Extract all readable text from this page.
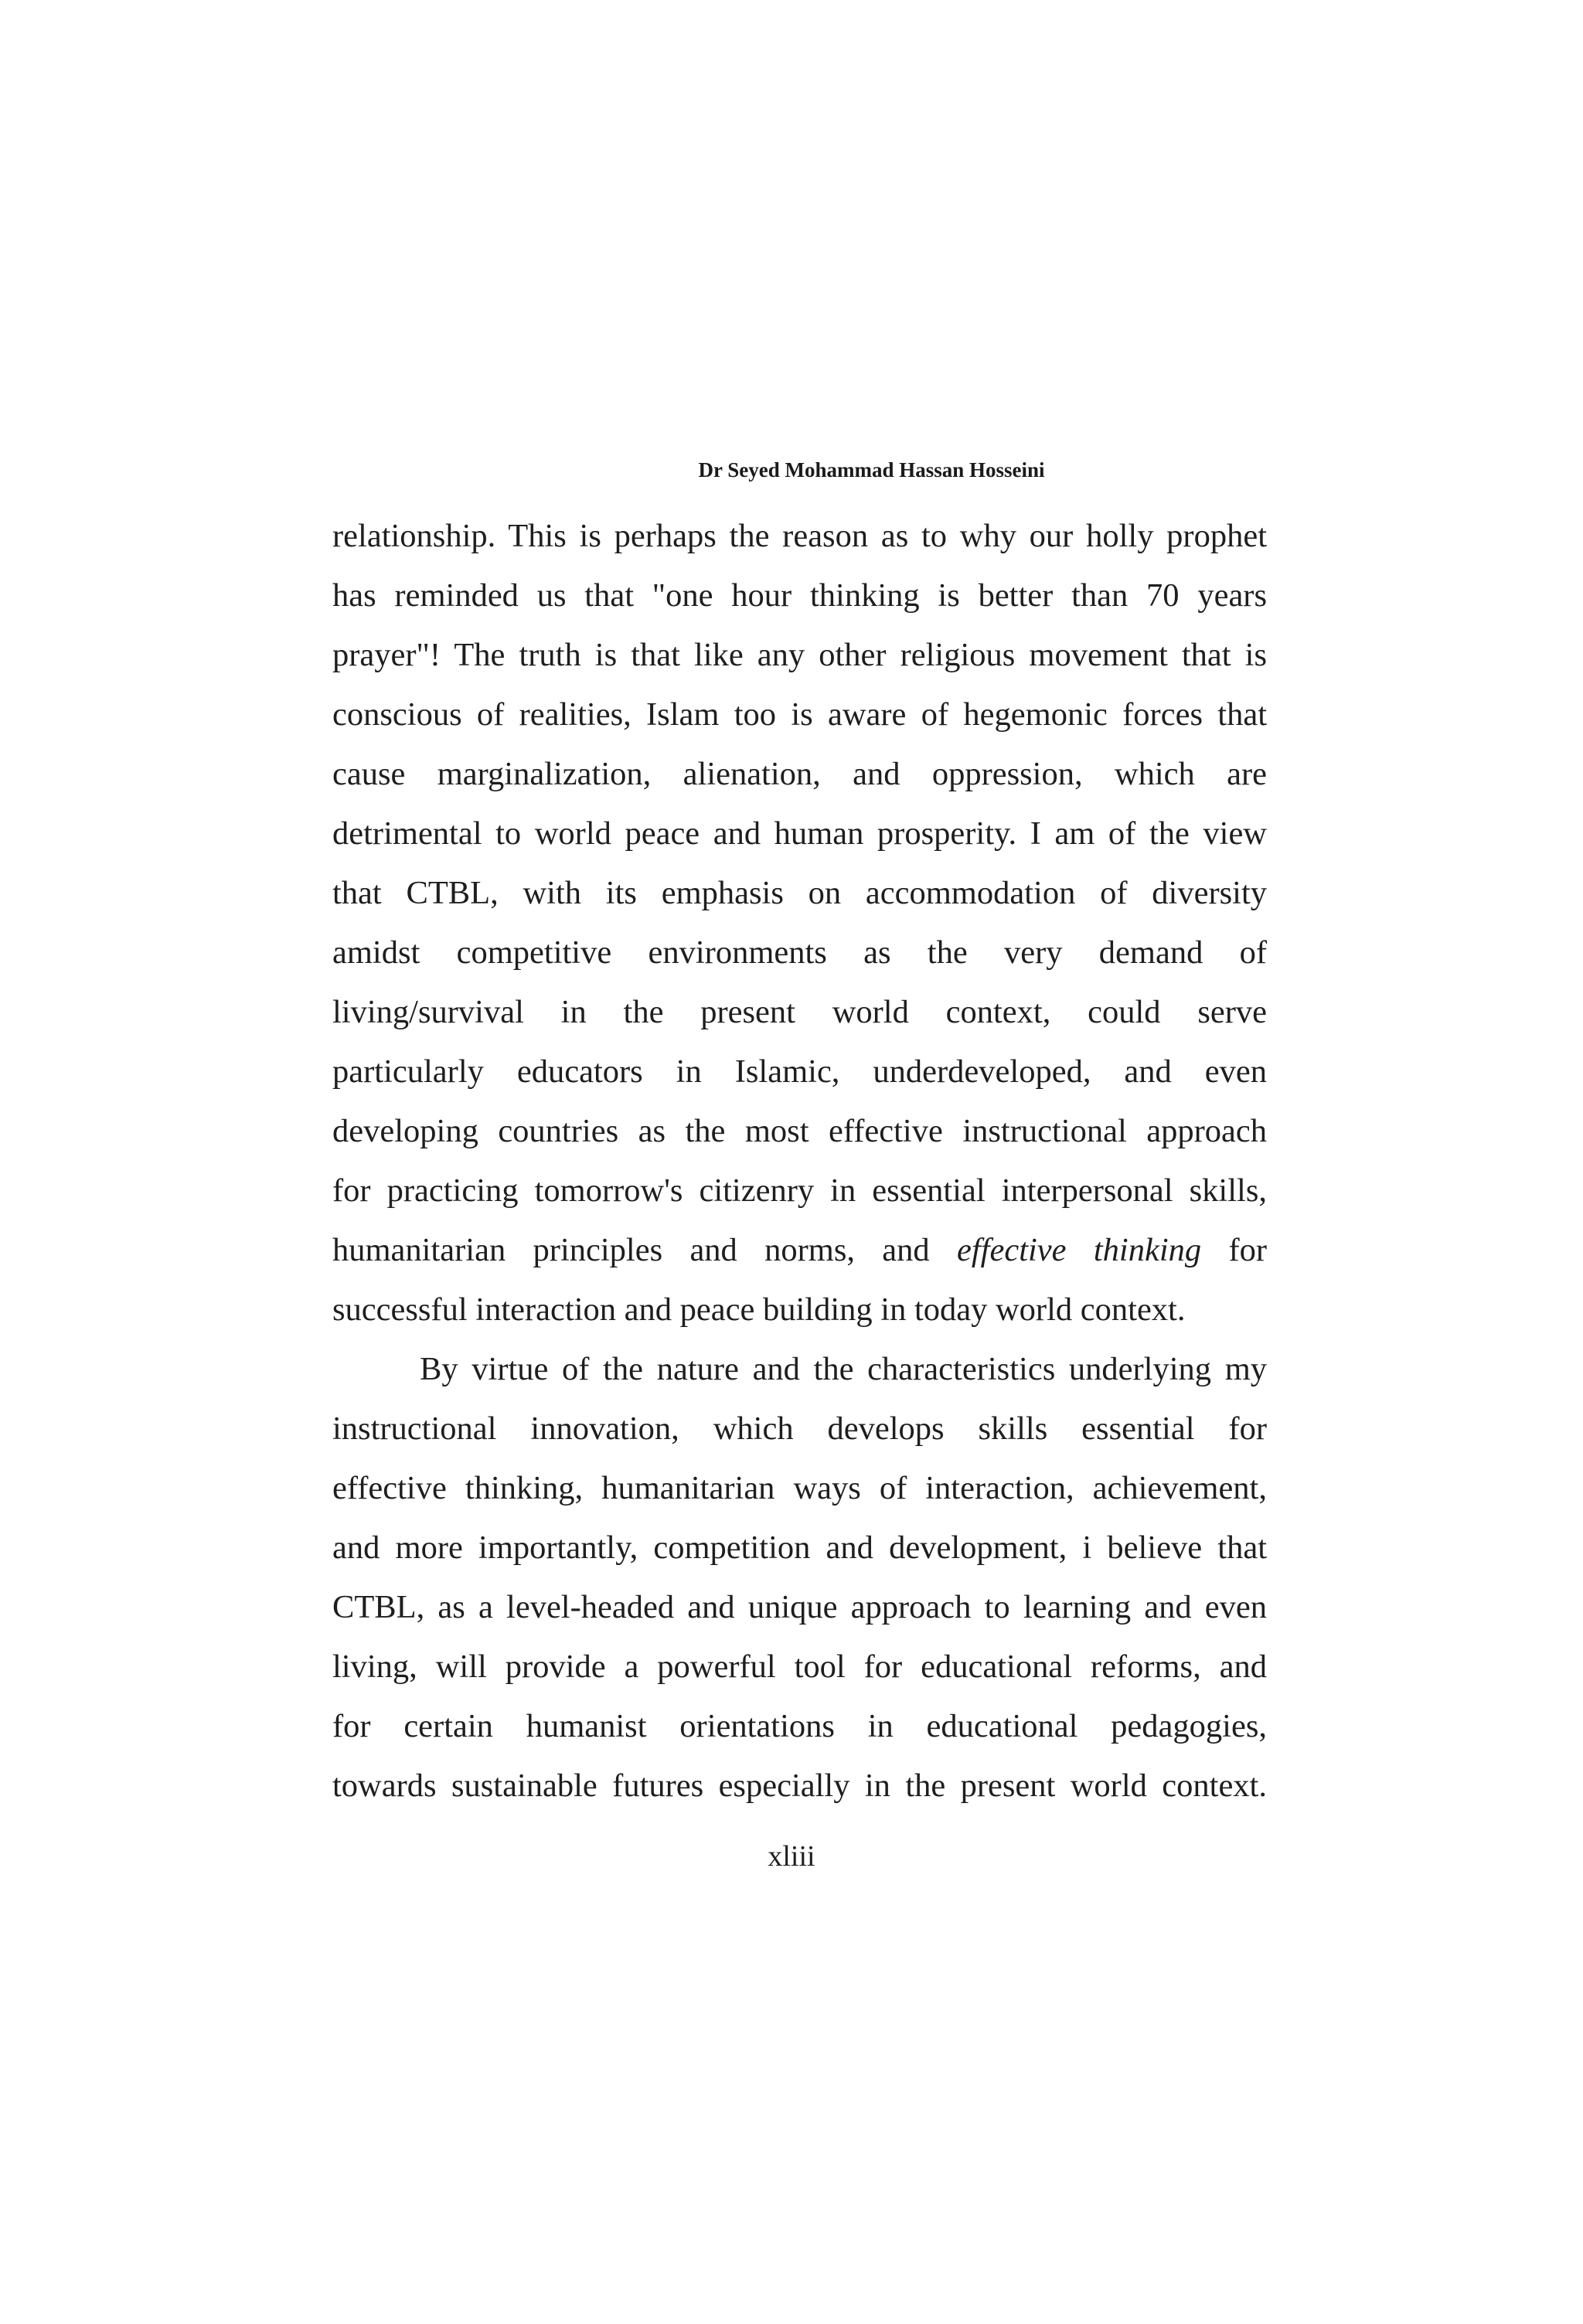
Dr Seyed Mohammad Hassan Hosseini
relationship. This is perhaps the reason as to why our holly prophet
has reminded us that "one hour thinking is better than 70 years
prayer"! The truth is that like any other religious movement that is
conscious of realities, Islam too is aware of hegemonic forces that
cause marginalization, alienation, and oppression, which are
detrimental to world peace and human prosperity. I am of the view
that CTBL, with its emphasis on accommodation of diversity
amidst competitive environments as the very demand of
living/survival in the present world context, could serve
particularly educators in Islamic, underdeveloped, and even
developing countries as the most effective instructional approach
for practicing tomorrow's citizenry in essential interpersonal skills,
humanitarian principles and norms, and effective thinking for
successful interaction and peace building in today world context.
By virtue of the nature and the characteristics underlying my
instructional innovation, which develops skills essential for
effective thinking, humanitarian ways of interaction, achievement,
and more importantly, competition and development, i believe that
CTBL, as a level-headed and unique approach to learning and even
living, will provide a powerful tool for educational reforms, and
for certain humanist orientations in educational pedagogies,
towards sustainable futures especially in the present world context.
xliii
